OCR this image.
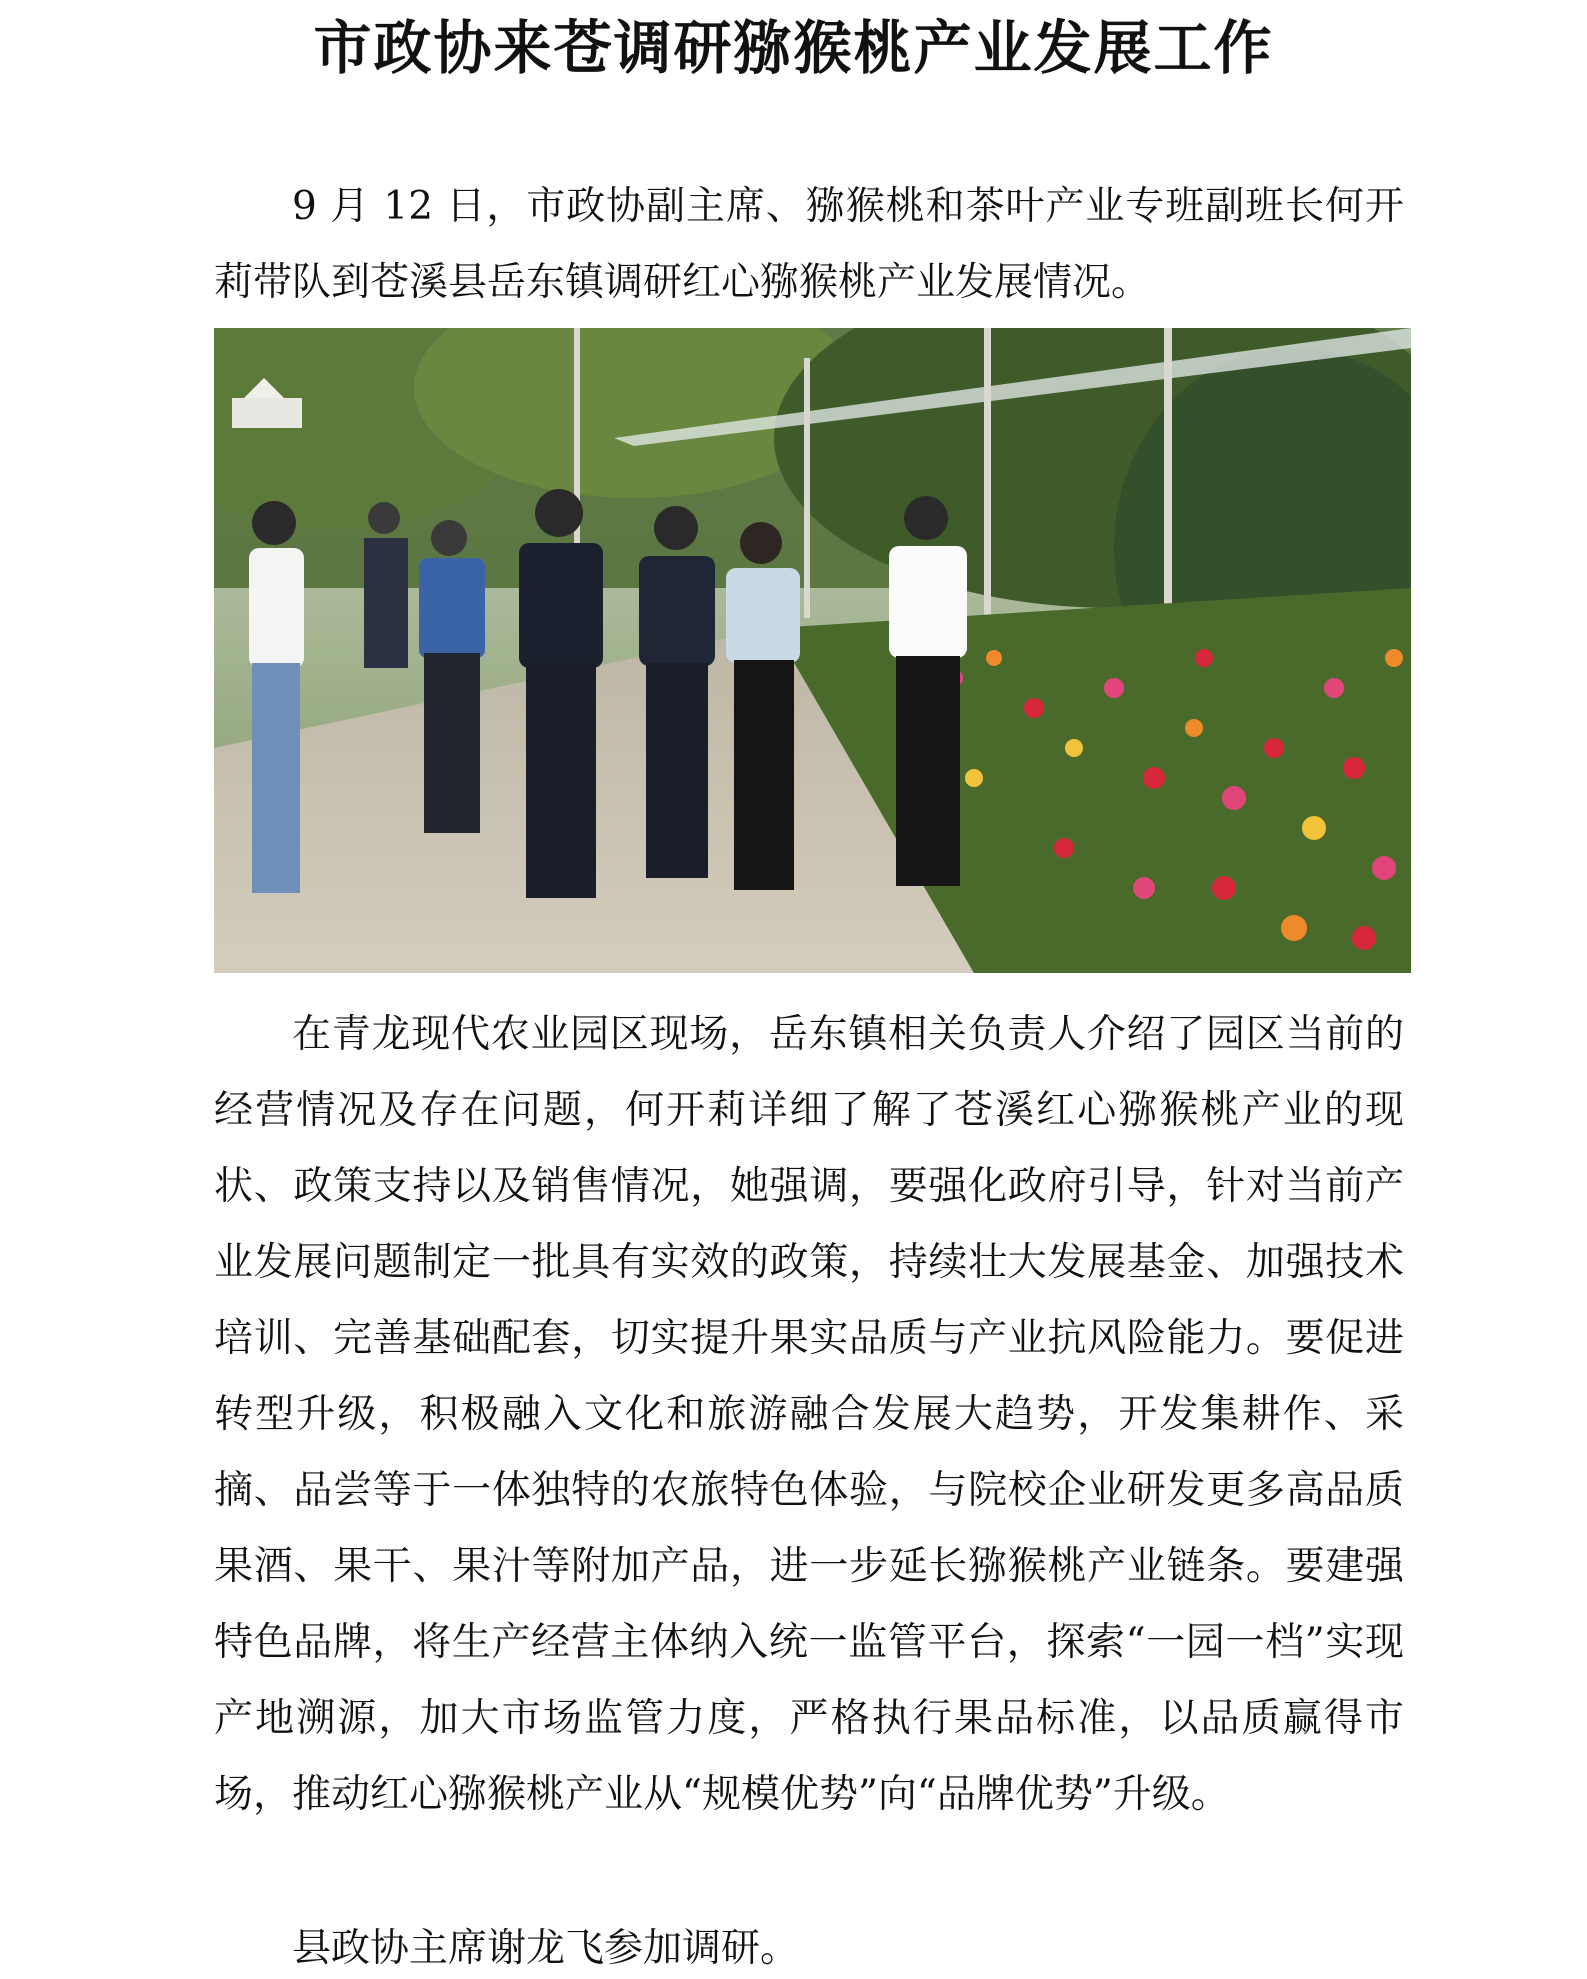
市政协来苍调研猕猴桃产业发展工作

9 月 12 日，市政协副主席、猕猴桃和茶叶产业专班副班长何开莉带队到苍溪县岳东镇调研红心猕猴桃产业发展情况。

在青龙现代农业园区现场，岳东镇相关负责人介绍了园区当前的经营情况及存在问题，何开莉详细了解了苍溪红心猕猴桃产业的现状、政策支持以及销售情况，她强调，要强化政府引导，针对当前产业发展问题制定一批具有实效的政策，持续壮大发展基金、加强技术培训、完善基础配套，切实提升果实品质与产业抗风险能力。要促进转型升级，积极融入文化和旅游融合发展大趋势，开发集耕作、采摘、品尝等于一体独特的农旅特色体验，与院校企业研发更多高品质果酒、果干、果汁等附加产品，进一步延长猕猴桃产业链条。要建强特色品牌，将生产经营主体纳入统一监管平台，探索“一园一档”实现产地溯源，加大市场监管力度，严格执行果品标准，以品质赢得市场，推动红心猕猴桃产业从“规模优势”向“品牌优势”升级。

县政协主席谢龙飞参加调研。
